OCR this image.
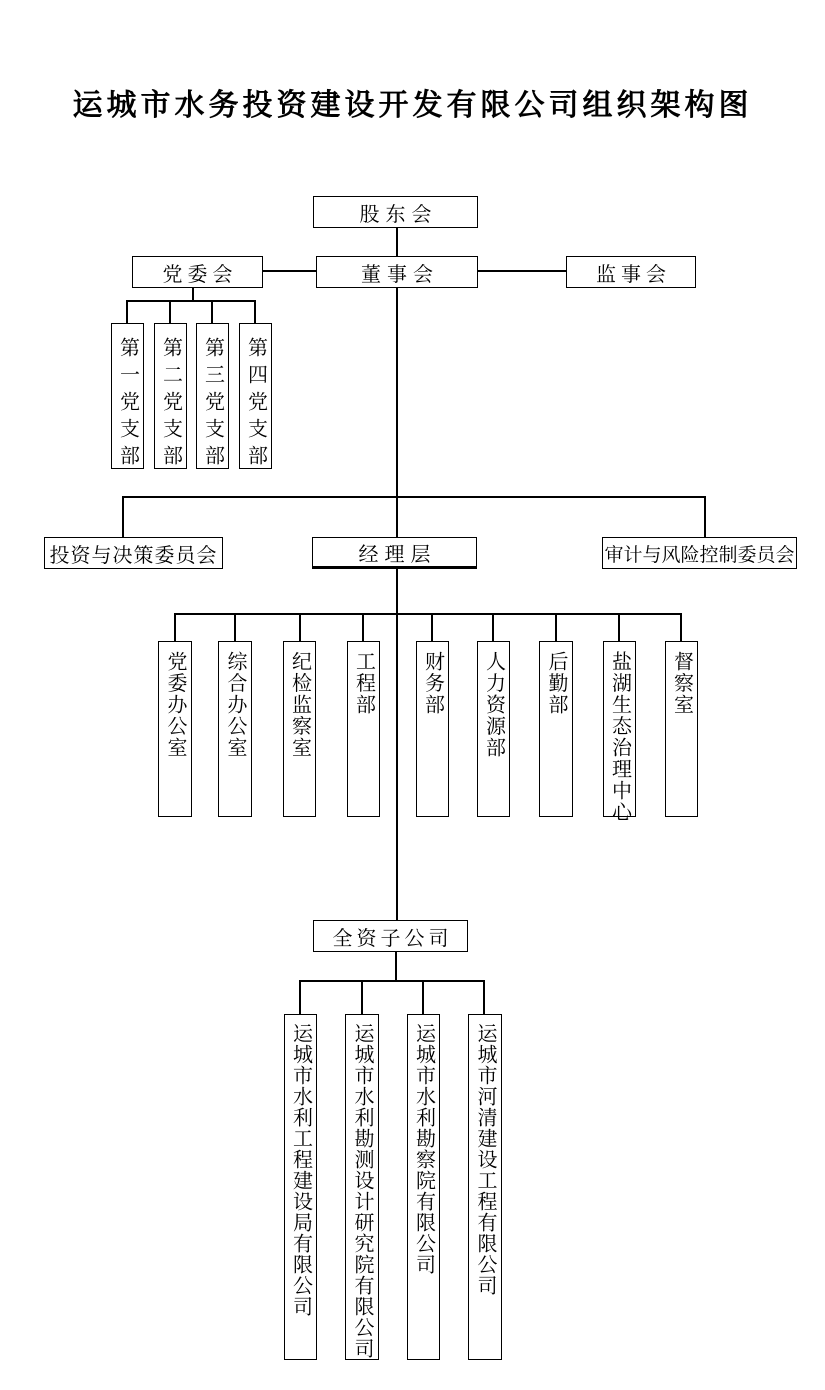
运城市水务投资建设开发有限公司组织架构图
股东会
党委会	董事会	监事会
第一党支部 第二党支部 第三党支部 第四党支部
投资与决策委员会	经理层	审计与风险控制委员会
党委办公室 综合办公室 纪检监察室 工程部 财务部 人力资源部 后勤部 盐湖生态治理中心 督察室
全资子公司
运城市水利工程建设局有限公司 运城市水利勘测设计研究院有限公司 运城市水利勘察院有限公司 运城市河清建设工程有限公司
